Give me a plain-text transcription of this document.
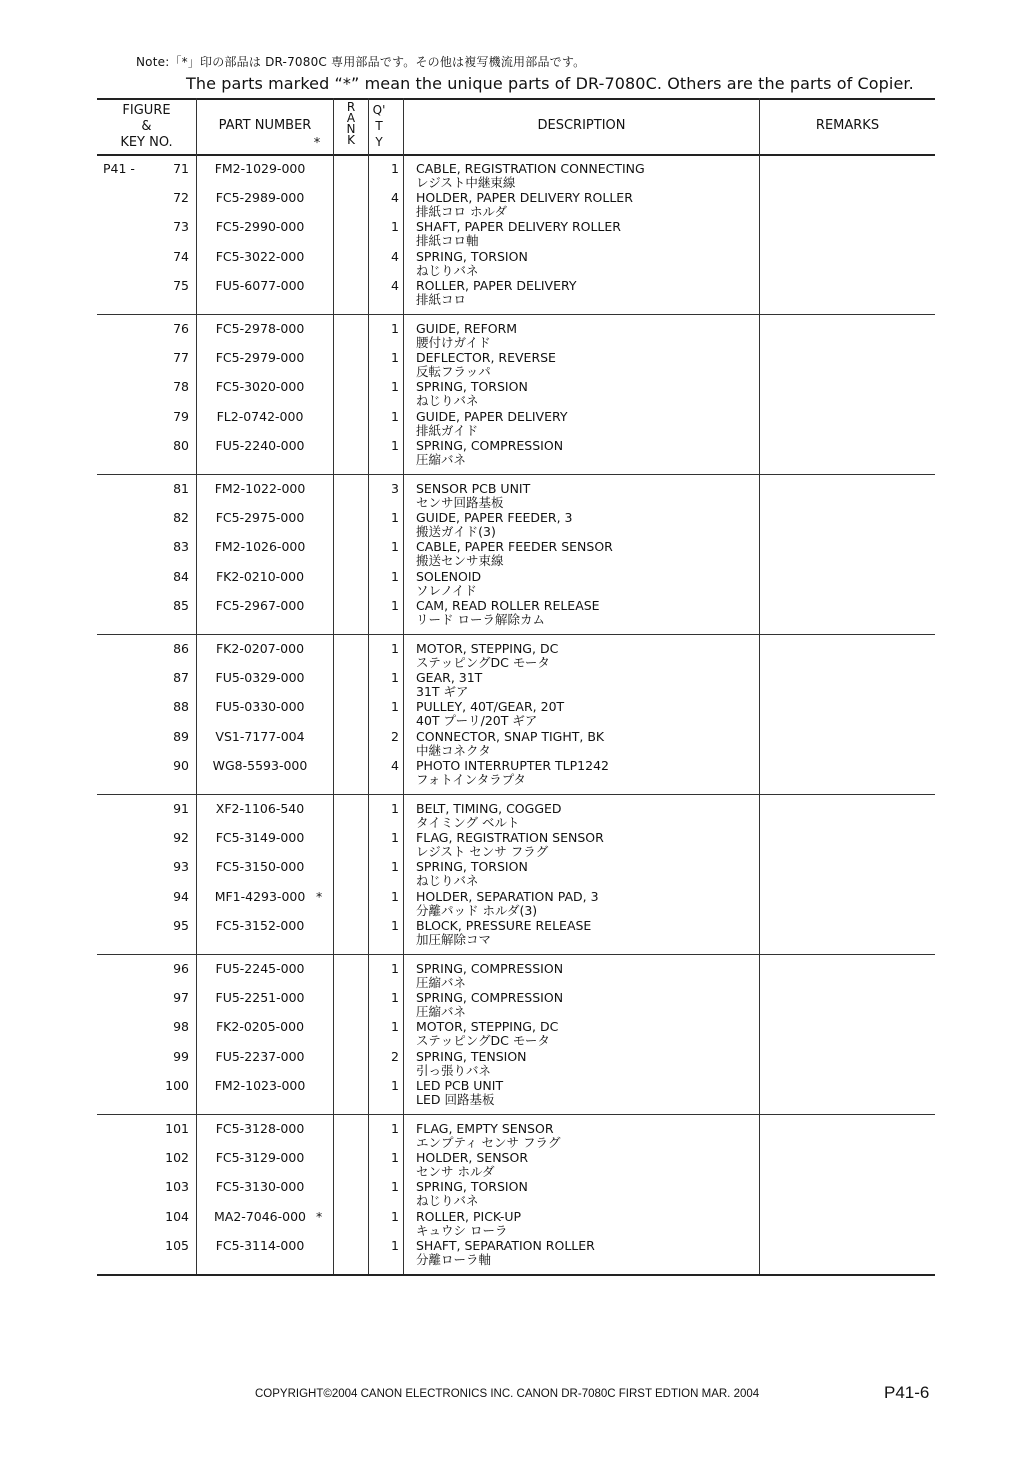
Note:「*」印の部品は DR-7080C 専用部品です。その他は複写機流用部品です。
The parts marked “*” mean the unique parts of DR-7080C. Others are the parts of Copier.
FIGURE
&
KEY NO.
PART NUMBER
*
R
A
N
K
Q'
T
Y
DESCRIPTION	REMARKS
P41 -	71	FM2-1029-000	1 CABLE, REGISTRATION CONNECTING
レジスト中継束線
72	FC5-2989-000	4 HOLDER, PAPER DELIVERY ROLLER
排紙コロ ホルダ
73	FC5-2990-000	1 SHAFT, PAPER DELIVERY ROLLER
排紙コロ軸
74	FC5-3022-000	4 SPRING, TORSION
ねじりバネ
75	FU5-6077-000	4 ROLLER, PAPER DELIVERY
排紙コロ
76	FC5-2978-000	1 GUIDE, REFORM
腰付けガイド
77	FC5-2979-000	1 DEFLECTOR, REVERSE
反転フラッパ
78	FC5-3020-000	1 SPRING, TORSION
ねじりバネ
79	FL2-0742-000	1 GUIDE, PAPER DELIVERY
排紙ガイド
80	FU5-2240-000	1 SPRING, COMPRESSION
圧縮バネ
81	FM2-1022-000	3 SENSOR PCB UNIT
センサ回路基板
82	FC5-2975-000	1 GUIDE, PAPER FEEDER, 3
搬送ガイド(3)
83	FM2-1026-000	1 CABLE, PAPER FEEDER SENSOR
搬送センサ束線
84	FK2-0210-000	1 SOLENOID
ソレノイド
85	FC5-2967-000	1 CAM, READ ROLLER RELEASE
リード ローラ解除カム
86	FK2-0207-000	1 MOTOR, STEPPING, DC
ステッピングDC モータ
87	FU5-0329-000	1 GEAR, 31T
31T ギア
88	FU5-0330-000	1 PULLEY, 40T/GEAR, 20T
40T プーリ/20T ギア
89	VS1-7177-004	2 CONNECTOR, SNAP TIGHT, BK
中継コネクタ
90	WG8-5593-000	4 PHOTO INTERRUPTER TLP1242
フォトインタラプタ
91	XF2-1106-540	1 BELT, TIMING, COGGED
タイミング ベルト
92	FC5-3149-000	1 FLAG, REGISTRATION SENSOR
レジスト センサ フラグ
93	FC5-3150-000	1 SPRING, TORSION
ねじりバネ
94	MF1-4293-000 *	1 HOLDER, SEPARATION PAD, 3
分離パッド ホルダ(3)
95	FC5-3152-000	1 BLOCK, PRESSURE RELEASE
加圧解除コマ
96	FU5-2245-000	1 SPRING, COMPRESSION
圧縮バネ
97	FU5-2251-000	1 SPRING, COMPRESSION
圧縮バネ
98	FK2-0205-000	1 MOTOR, STEPPING, DC
ステッピングDC モータ
99	FU5-2237-000	2 SPRING, TENSION
引っ張りバネ
100	FM2-1023-000	1 LED PCB UNIT
LED 回路基板
101	FC5-3128-000	1 FLAG, EMPTY SENSOR
エンプティ センサ フラグ
102	FC5-3129-000	1 HOLDER, SENSOR
センサ ホルダ
103	FC5-3130-000	1 SPRING, TORSION
ねじりバネ
104	MA2-7046-000 *	1 ROLLER, PICK-UP
キュウシ ローラ
105	FC5-3114-000	1 SHAFT, SEPARATION ROLLER
分離ローラ軸
COPYRIGHT©2004 CANON ELECTRONICS INC. CANON DR-7080C FIRST EDTION MAR. 2004	P41-6
